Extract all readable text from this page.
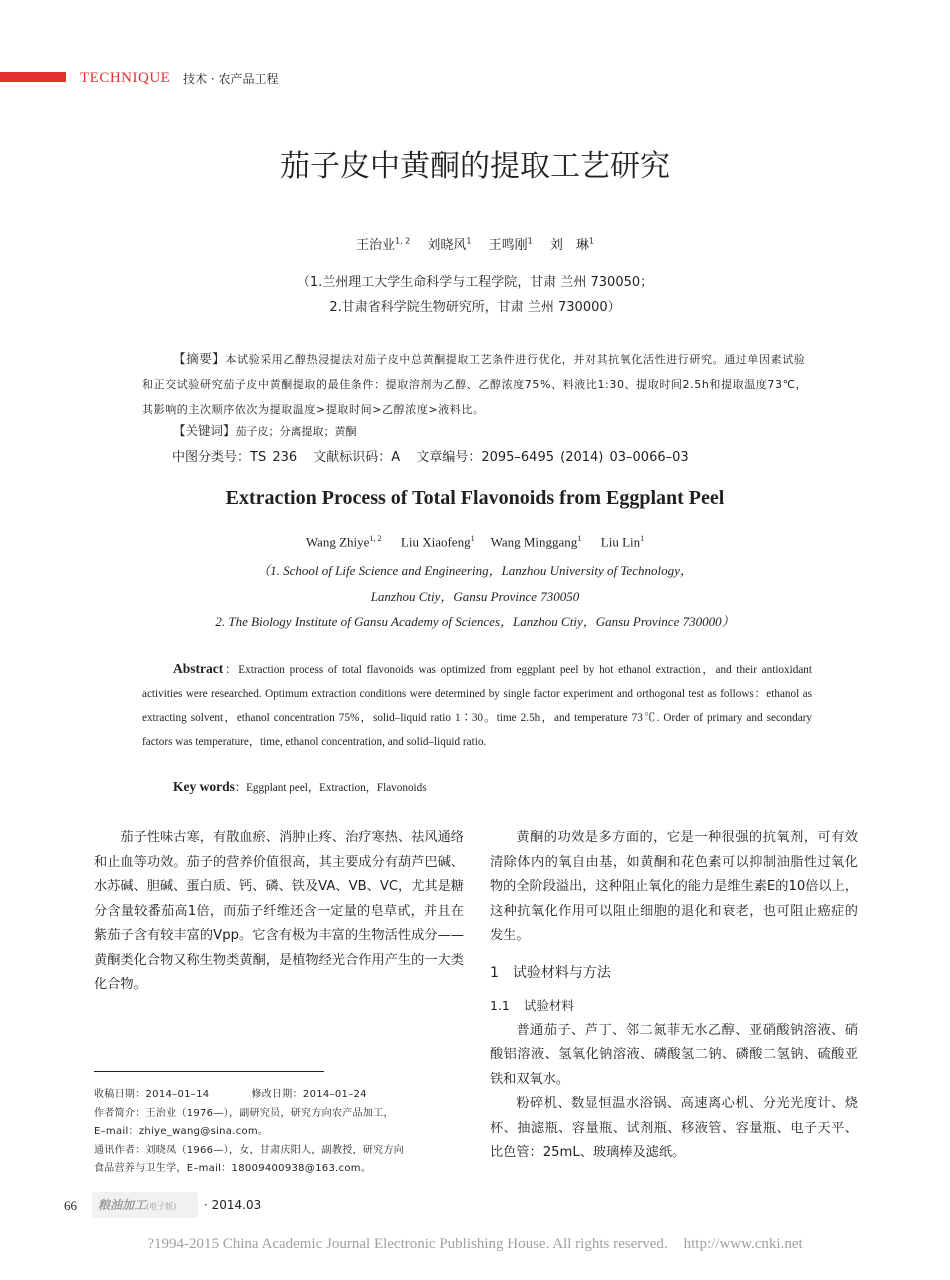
TECHNIQUE 技术 · 农产品工程
茄子皮中黄酮的提取工艺研究
王治业$^{1, 2}$　 刘晓风$^1$　 王鸣刚$^1$　 刘　琳$^1$
（1.兰州理工大学生命科学与工程学院，甘肃 兰州 730050；
2.甘肃省科学院生物研究所，甘肃 兰州 730000）
【摘要】本试验采用乙醇热浸提法对茄子皮中总黄酮提取工艺条件进行优化，并对其抗氧化活性进行研究。通过单因素试验和正交试验研究茄子皮中黄酮提取的最佳条件：提取溶剂为乙醇、乙醇浓度75%、料液比1:30、提取时间2.5h和提取温度73℃，其影响的主次顺序依次为提取温度>提取时间>乙醇浓度>液料比。
【关键词】茄子皮；分离提取；黄酮
中图分类号：TS 236 文献标识码：A 文章编号：2095–6495 (2014) 03–0066–03
Extraction Process of Total Flavonoids from Eggplant Peel
Wang Zhiye$^{1, 2}$ Liu Xiaofeng$^1$ Wang Minggang$^1$ Liu Lin$^1$
（1. School of Life Science and Engineering，Lanzhou University of Technology，
Lanzhou Ctiy，Gansu Province 730050
2. The Biology Institute of Gansu Academy of Sciences，Lanzhou Ctiy，Gansu Province 730000）
Abstract：Extraction process of total flavonoids was optimized from eggplant peel by hot ethanol extraction，and their antioxidant activities were researched. Optimum extraction conditions were determined by single factor experiment and orthogonal test as follows：ethanol as extracting solvent，ethanol concentration 75%，solid–liquid ratio 1∶30。time 2.5h，and temperature 73℃. Order of primary and secondary factors was temperature，time, ethanol concentration, and solid–liquid ratio.
Key words：Eggplant peel，Extraction，Flavonoids

茄子性味古寒，有散血瘀、消肿止疼、治疗寒热、祛风通络和止血等功效。茄子的营养价值很高，其主要成分有葫芦巴碱、水苏碱、胆碱、蛋白质、钙、磷、铁及VA、VB、VC，尤其是糖分含量较番茄高1倍，而茄子纤维还含一定量的皂草甙，并且在紫茄子含有较丰富的Vpp。它含有极为丰富的生物活性成分——黄酮类化合物又称生物类黄酮，是植物经光合作用产生的一大类化合物。

黄酮的功效是多方面的，它是一种很强的抗氧剂，可有效清除体内的氧自由基，如黄酮和花色素可以抑制油脂性过氧化物的全阶段溢出，这种阻止氧化的能力是维生素E的10倍以上，这种抗氧化作用可以阻止细胞的退化和衰老，也可阻止癌症的发生。

1 试验材料与方法
1.1 试验材料

普通茄子、芦丁、邻二氮菲无水乙醇、亚硝酸钠溶液、硝酸铝溶液、氢氧化钠溶液、磷酸氢二钠、磷酸二氢钠、硫酸亚铁和双氧水。

粉碎机、数显恒温水浴锅、高速离心机、分光光度计、烧杯、抽滤瓶、容量瓶、试剂瓶、移液管、容量瓶、电子天平、比色管：25mL、玻璃棒及滤纸。

收稿日期：2014–01–14	修改日期：2014–01–24
作者简介：王治业（1976—），副研究员，研究方向农产品加工，
E–mail：zhiye_wang@sina.com。
通讯作者：刘晓凤（1966—），女，甘肃庆阳人，副教授，研究方向
食品营养与卫生学，E–mail：18009400938@163.com。
66	粮油加工(电子版)	· 2014.03
?1994-2015 China Academic Journal Electronic Publishing House. All rights reserved. http://www.cnki.net
